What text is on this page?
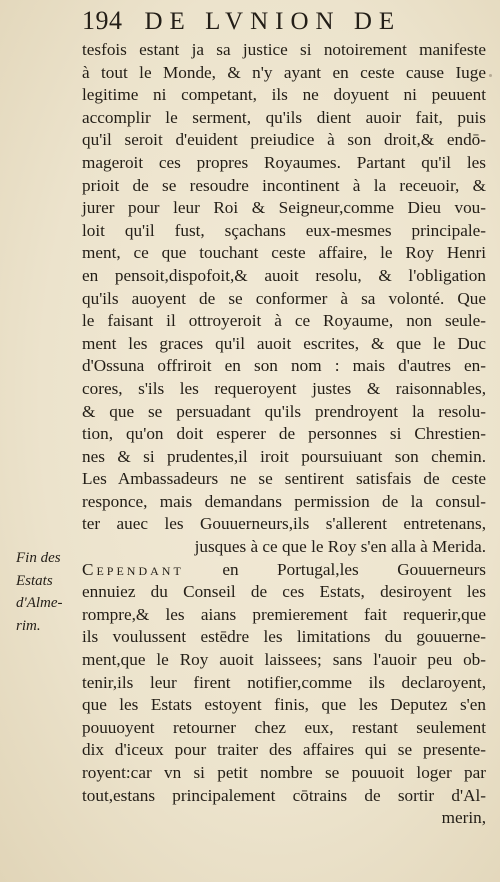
194 DE LVNION DE
Fin des
Estats
d'Alme-
rim.
tesfois estant ja sa justice si notoirement manifeste
à tout le Monde, & n'y ayant en ceste cause Iuge
legitime ni competant, ils ne doyuent ni peuuent
accomplir le serment, qu'ils dient auoir fait, puis
qu'il seroit d'euident preiudice à son droit,& endō-
mageroit ces propres Royaumes. Partant qu'il les
prioit de se resoudre incontinent à la receuoir, &
jurer pour leur Roi & Seigneur,comme Dieu vou-
loit qu'il fust, sçachans eux-mesmes principale-
ment, ce que touchant ceste affaire, le Roy Henri
en pensoit,dispofoit,& auoit resolu, & l'obligation
qu'ils auoyent de se conformer à sa volonté. Que
le faisant il ottroyeroit à ce Royaume, non seule-
ment les graces qu'il auoit escrites, & que le Duc
d'Ossuna offriroit en son nom : mais d'autres en-
cores, s'ils les requeroyent justes & raisonnables,
& que se persuadant qu'ils prendroyent la resolu-
tion, qu'on doit esperer de personnes si Chrestien-
nes & si prudentes,il iroit poursuiuant son chemin.
Les Ambassadeurs ne se sentirent satisfais de ceste
responce, mais demandans permission de la consul-
ter auec les Gouuerneurs,ils s'allerent entretenans,
jusques à ce que le Roy s'en alla à Merida.
Cependant en Portugal,les Gouuerneurs
ennuiez du Conseil de ces Estats, desiroyent les
rompre,& les aians premierement fait requerir,que
ils voulussent estēdre les limitations du gouuerne-
ment,que le Roy auoit laissees; sans l'auoir peu ob-
tenir,ils leur firent notifier,comme ils declaroyent,
que les Estats estoyent finis, que les Deputez s'en
pouuoyent retourner chez eux, restant seulement
dix d'iceux pour traiter des affaires qui se presente-
royent:car vn si petit nombre se pouuoit loger par
tout,estans principalement cōtrains de sortir d'Al-
merin,
